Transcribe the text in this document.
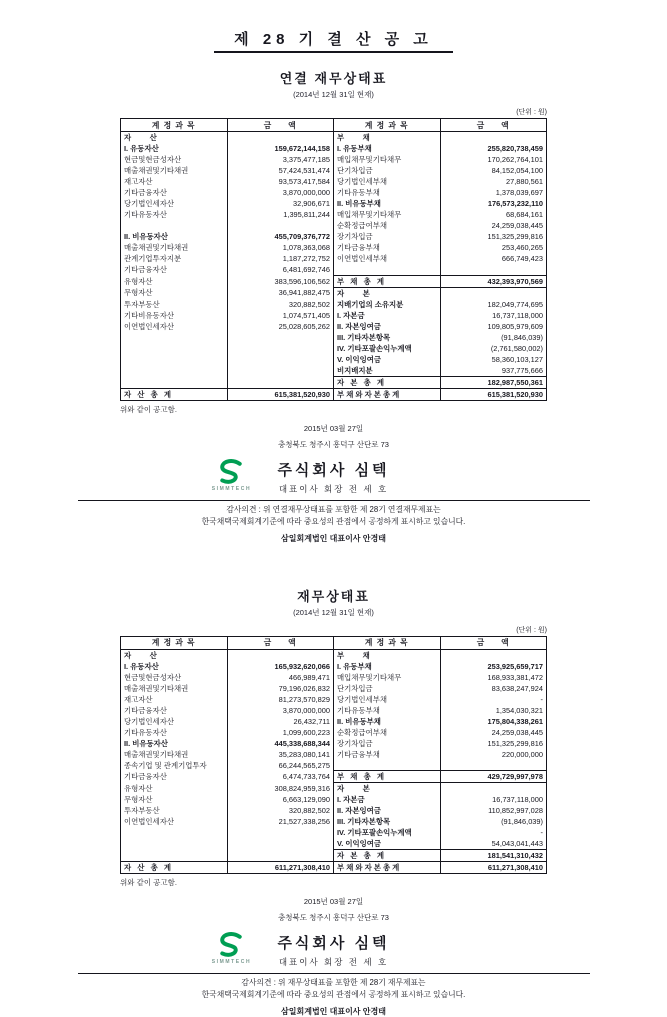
제 28 기 결 산 공 고
연결 재무상태표
(2014년 12월 31일 현재)
(단위 : 원)
계 정 과 목	금     액	계 정 과 목	금     액
자         산		부         채	
I. 유동자산	159,672,144,158	I. 유동부채	255,820,738,459
현금및현금성자산	3,375,477,185	매입채무및기타채무	170,262,764,101
매출채권및기타채권	57,424,531,474	단기차입금	84,152,054,100
재고자산	93,573,417,584	당기법인세부채	27,880,561
기타금융자산	3,870,000,000	기타유동부채	1,378,039,697
당기법인세자산	32,906,671	II. 비유동부채	176,573,232,110
기타유동자산	1,395,811,244	매입채무및기타채무	68,684,161
		순확정급여부채	24,259,038,445
II. 비유동자산	455,709,376,772	장기차입금	151,325,299,816
매출채권및기타채권	1,078,363,068	기타금융부채	253,460,265
관계기업투자지분	1,187,272,752	이연법인세부채	666,749,423
기타금융자산	6,481,692,746		
유형자산	383,596,106,562	부   채   총   계	432,393,970,569
무형자산	36,941,882,475	자         본	
투자부동산	320,882,502	지배기업의 소유지분	182,049,774,695
기타비유동자산	1,074,571,405	I. 자본금	16,737,118,000
이연법인세자산	25,028,605,262	II. 자본잉여금	109,805,979,609
		III. 기타자본항목	(91,846,039)
		IV. 기타포괄손익누계액	(2,761,580,002)
		V. 이익잉여금	58,360,103,127
		비지배지분	937,775,666
		자   본   총   계	182,987,550,361
자   산   총   계	615,381,520,930	부 채 와 자 본 총 계	615,381,520,930
위와 같이 공고함.
2015년 03월 27일
충청북도 청주시 흥덕구 산단로 73
SIMMTECH
주식회사 심텍
대표이사 회장 전 세 호
감사의견 : 위 연결재무상태표를 포함한 제 28기 연결재무제표는
한국채택국제회계기준에 따라 중요성의 관점에서 공정하게 표시하고 있습니다.
삼일회계법인 대표이사 안경태
재무상태표
(2014년 12월 31일 현재)
(단위 : 원)
계 정 과 목	금     액	계 정 과 목	금     액
자         산		부         채	
I. 유동자산	165,932,620,066	I. 유동부채	253,925,659,717
현금및현금성자산	466,989,471	매입채무및기타채무	168,933,381,472
매출채권및기타채권	79,196,026,832	단기차입금	83,638,247,924
재고자산	81,273,570,829	당기법인세부채	-
기타금융자산	3,870,000,000	기타유동부채	1,354,030,321
당기법인세자산	26,432,711	II. 비유동부채	175,804,338,261
기타유동자산	1,099,600,223	순확정급여부채	24,259,038,445
II. 비유동자산	445,338,688,344	장기차입금	151,325,299,816
매출채권및기타채권	35,283,080,141	기타금융부채	220,000,000
종속기업 및 관계기업투자	66,244,565,275		
기타금융자산	6,474,733,764	부   채   총   계	429,729,997,978
유형자산	308,824,959,316	자         본	
무형자산	6,663,129,090	I. 자본금	16,737,118,000
투자부동산	320,882,502	II. 자본잉여금	110,852,997,028
이연법인세자산	21,527,338,256	III. 기타자본항목	(91,846,039)
		IV. 기타포괄손익누계액	-
		V. 이익잉여금	54,043,041,443
		자   본   총   계	181,541,310,432
자   산   총   계	611,271,308,410	부 채 와 자 본 총 계	611,271,308,410
위와 같이 공고함.
2015년 03월 27일
충청북도 청주시 흥덕구 산단로 73
SIMMTECH
주식회사 심텍
대표이사 회장 전 세 호
감사의견 : 위 재무상태표를 포함한 제 28기 재무제표는
한국채택국제회계기준에 따라 중요성의 관점에서 공정하게 표시하고 있습니다.
삼일회계법인 대표이사 안경태
